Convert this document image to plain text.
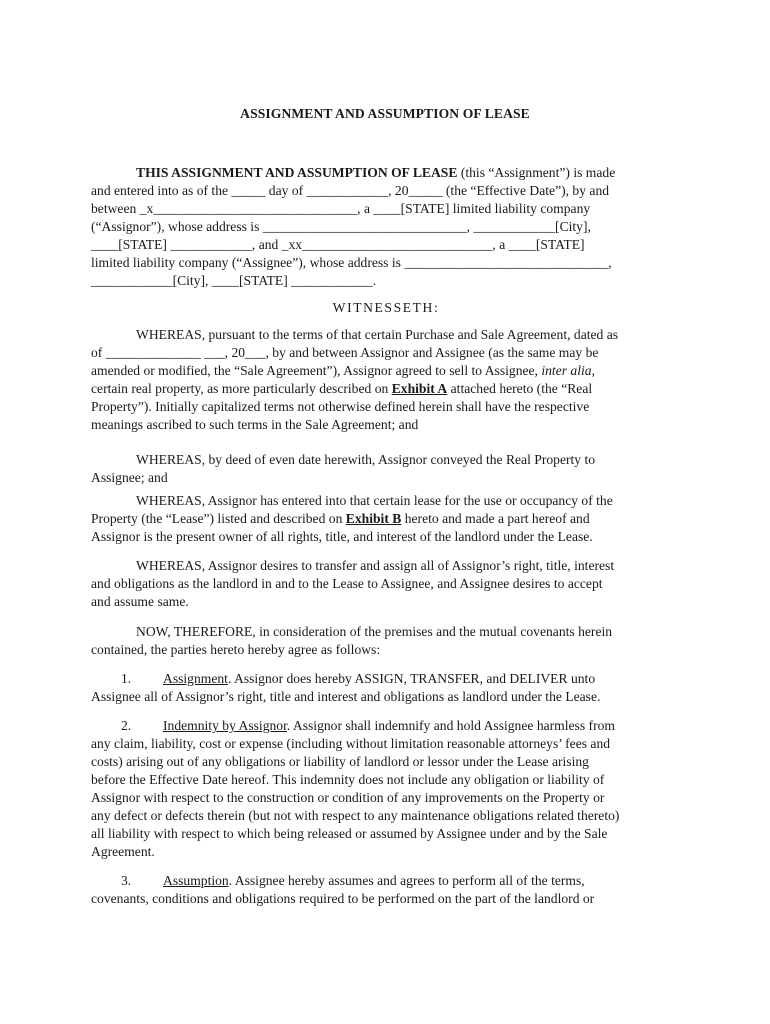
ASSIGNMENT AND ASSUMPTION OF LEASE

THIS ASSIGNMENT AND ASSUMPTION OF LEASE (this “Assignment”) is made
and entered into as of the _____ day of ____________, 20_____ (the “Effective Date”), by and
between _x______________________________, a ____[STATE] limited liability company
(“Assignor”), whose address is ______________________________, ____________[City],
____[STATE] ____________, and _xx____________________________, a ____[STATE]
limited liability company (“Assignee”), whose address is ______________________________,
____________[City], ____[STATE] ____________.

WITNESSETH:

WHEREAS, pursuant to the terms of that certain Purchase and Sale Agreement, dated as
of ______________ ___, 20___, by and between Assignor and Assignee (as the same may be
amended or modified, the “Sale Agreement”), Assignor agreed to sell to Assignee, inter alia,
certain real property, as more particularly described on Exhibit A attached hereto (the “Real
Property”). Initially capitalized terms not otherwise defined herein shall have the respective
meanings ascribed to such terms in the Sale Agreement; and

WHEREAS, by deed of even date herewith, Assignor conveyed the Real Property to
Assignee; and

WHEREAS, Assignor has entered into that certain lease for the use or occupancy of the
Property (the “Lease”) listed and described on Exhibit B hereto and made a part hereof and
Assignor is the present owner of all rights, title, and interest of the landlord under the Lease.

WHEREAS, Assignor desires to transfer and assign all of Assignor’s right, title, interest
and obligations as the landlord in and to the Lease to Assignee, and Assignee desires to accept
and assume same.

NOW, THEREFORE, in consideration of the premises and the mutual covenants herein
contained, the parties hereto hereby agree as follows:

1. Assignment. Assignor does hereby ASSIGN, TRANSFER, and DELIVER unto
Assignee all of Assignor’s right, title and interest and obligations as landlord under the Lease.

2. Indemnity by Assignor. Assignor shall indemnify and hold Assignee harmless from
any claim, liability, cost or expense (including without limitation reasonable attorneys’ fees and
costs) arising out of any obligations or liability of landlord or lessor under the Lease arising
before the Effective Date hereof. This indemnity does not include any obligation or liability of
Assignor with respect to the construction or condition of any improvements on the Property or
any defect or defects therein (but not with respect to any maintenance obligations related thereto)
all liability with respect to which being released or assumed by Assignee under and by the Sale
Agreement.

3. Assumption. Assignee hereby assumes and agrees to perform all of the terms,
covenants, conditions and obligations required to be performed on the part of the landlord or
